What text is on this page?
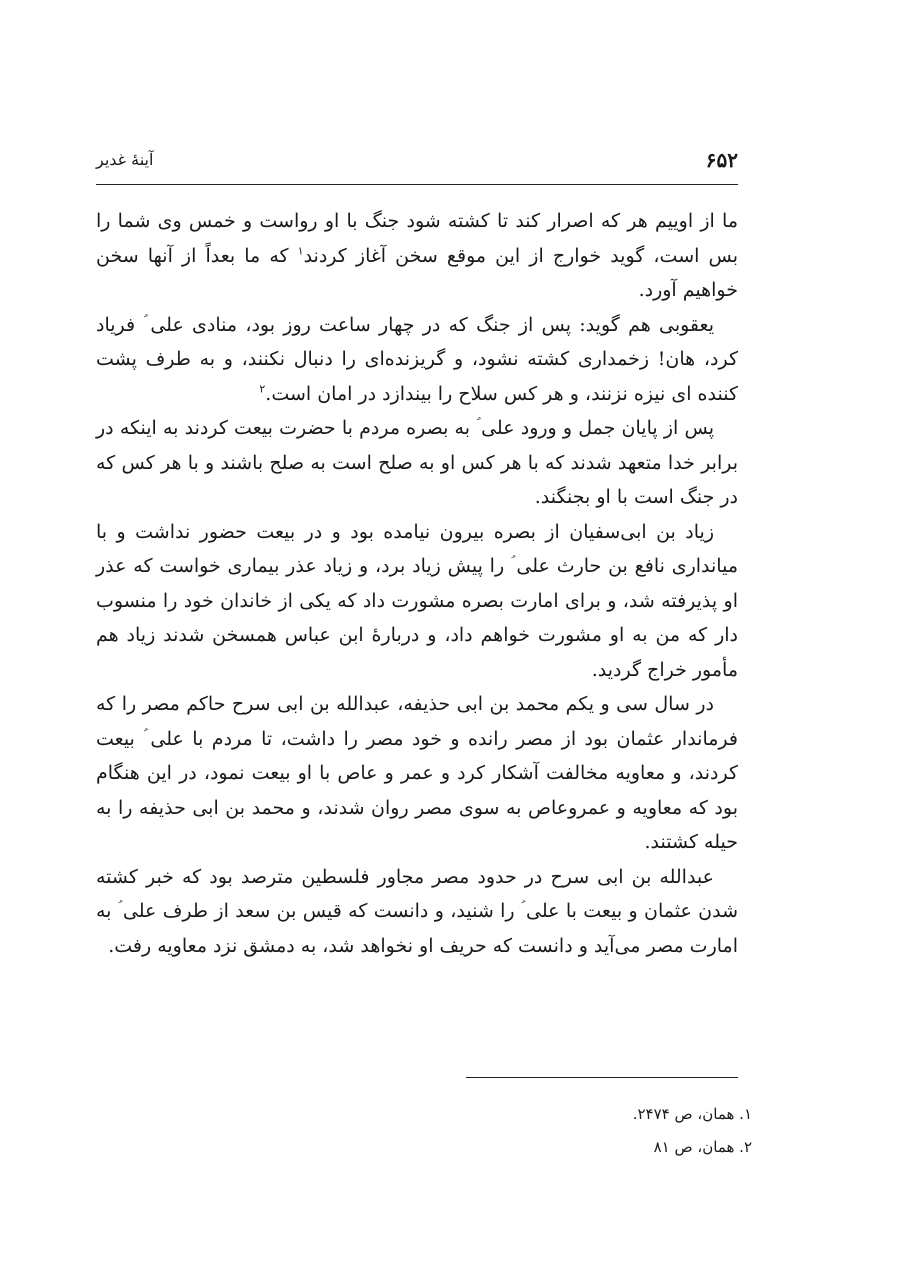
۶۵۲
آینهٔ غدیر

ما از اوییم هر که اصرار کند تا کشته شود جنگ با او رواست و خمس وی شما را بس است، گوید خوارج از این موقع سخن آغاز کردند$^۱$ که ما بعداً از آنها سخن خواهیم آورد.

یعقوبی هم گوید: پس از جنگ که در چهار ساعت روز بود، منادی علی ؑ فریاد کرد، هان! زخمداری کشته نشود، و گریزنده‌ای را دنبال نکنند، و به طرف پشت کننده ای نیزه نزنند، و هر کس سلاح را بیندازد در امان است.$^۲$

پس از پایان جمل و ورود علی ؑ به بصره مردم با حضرت بیعت کردند به اینکه در برابر خدا متعهد شدند که با هر کس او به صلح است به صلح باشند و با هر کس که در جنگ است با او بجنگند.

زیاد بن ابی‌سفیان از بصره بیرون نیامده بود و در بیعت حضور نداشت و با میانداری نافع بن حارث علی ؑ را پیش زیاد برد، و زیاد عذر بیماری خواست که عذر او پذیرفته شد، و برای امارت بصره مشورت داد که یکی از خاندان خود را منسوب دار که من به او مشورت خواهم داد، و دربارهٔ ابن عباس همسخن شدند زیاد هم مأمور خراج گردید.

در سال سی و یکم محمد بن ابی حذیفه، عبدالله بن ابی سرح حاکم مصر را که فرماندار عثمان بود از مصر رانده و خود مصر را داشت، تا مردم با علی ؑ بیعت کردند، و معاویه مخالفت آشکار کرد و عمر و عاص با او بیعت نمود، در این هنگام بود که معاویه و عمروعاص به سوی مصر روان شدند، و محمد بن ابی حذیفه را به حیله کشتند.

عبدالله بن ابی سرح در حدود مصر مجاور فلسطین مترصد بود که خبر کشته شدن عثمان و بیعت با علی ؑ را شنید، و دانست که قیس بن سعد از طرف علی ؑ به امارت مصر می‌آید و دانست که حریف او نخواهد شد، به دمشق نزد معاویه رفت.

۱. همان، ص ۲۴۷۴.

۲. همان، ص ۸۱
